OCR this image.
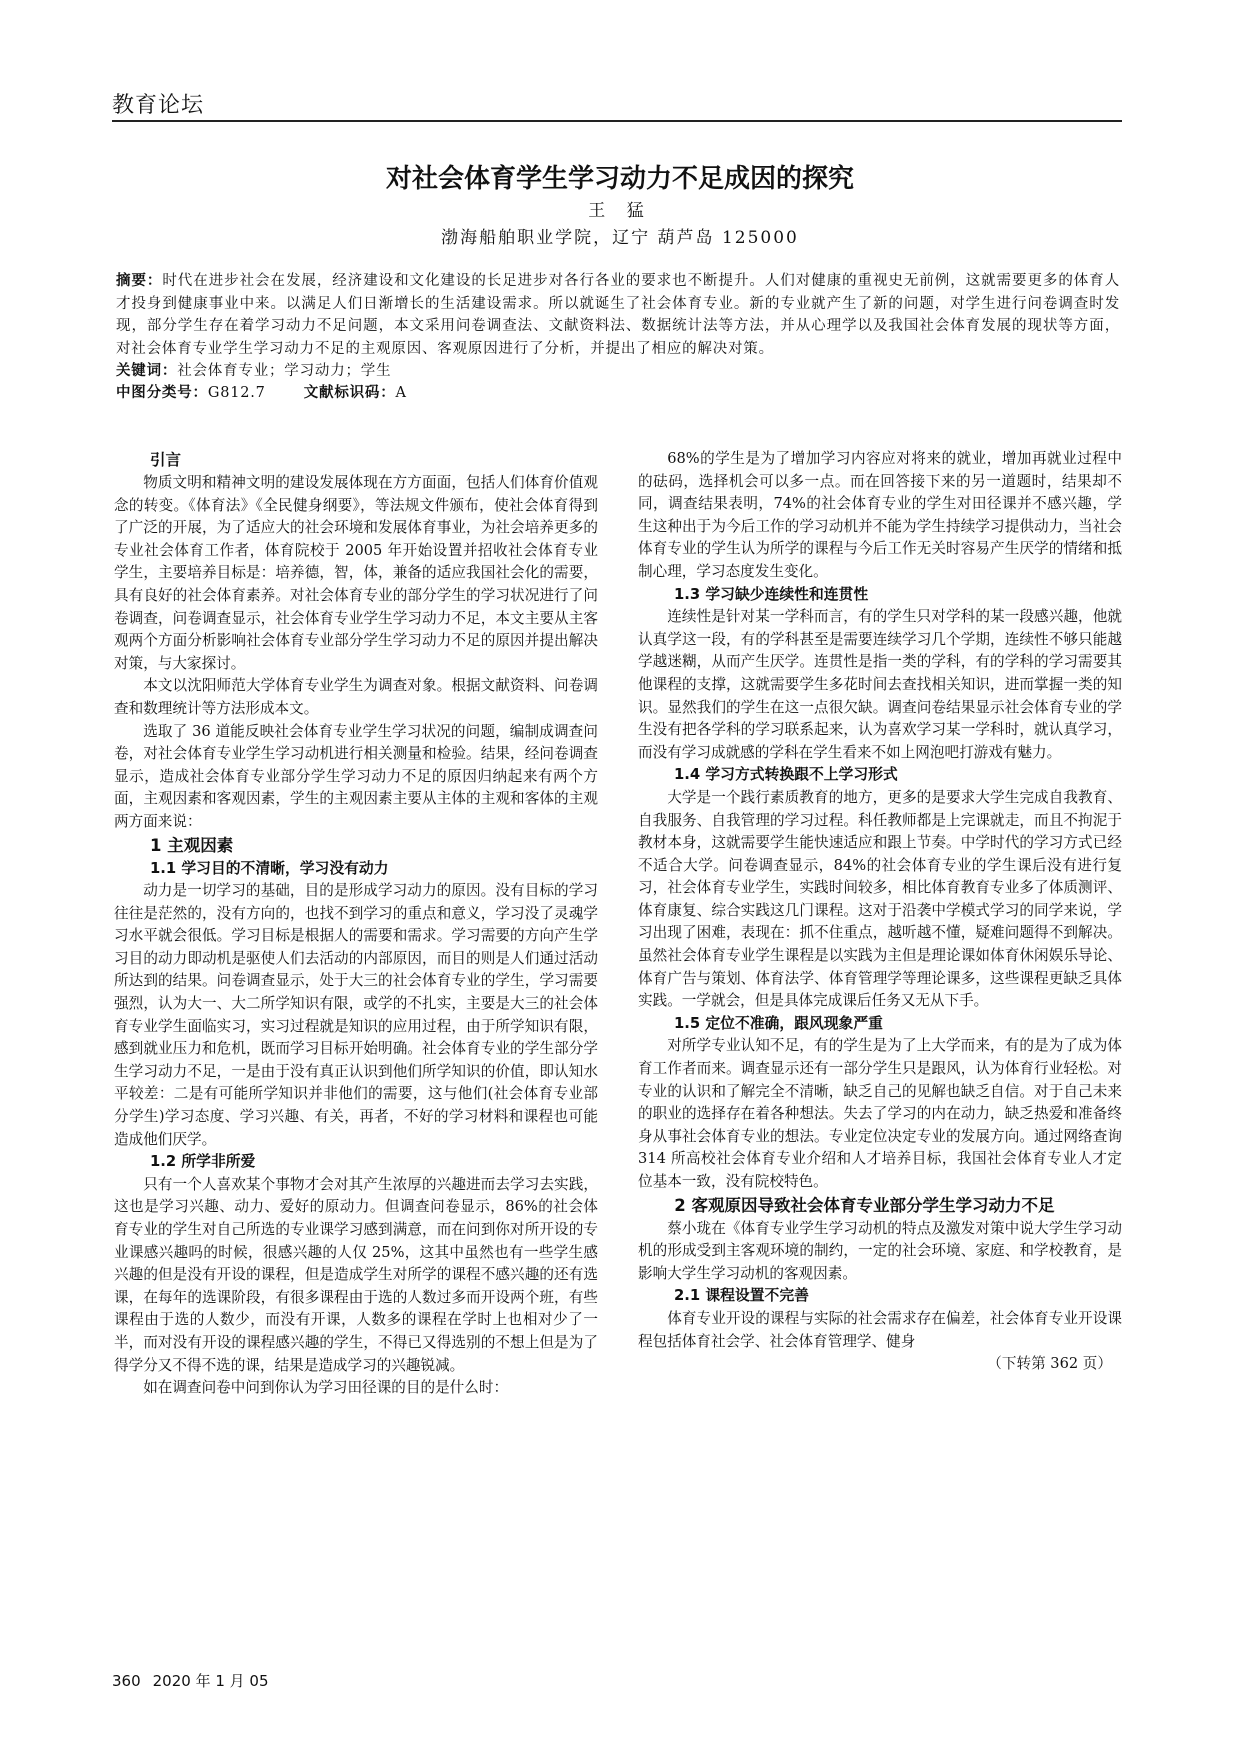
教育论坛
对社会体育学生学习动力不足成因的探究
王 猛
渤海船舶职业学院，辽宁 葫芦岛 125000
摘要：时代在进步社会在发展，经济建设和文化建设的长足进步对各行各业的要求也不断提升。人们对健康的重视史无前例，这就需要更多的体育人才投身到健康事业中来。以满足人们日渐增长的生活建设需求。所以就诞生了社会体育专业。新的专业就产生了新的问题，对学生进行问卷调查时发现，部分学生存在着学习动力不足问题，本文采用问卷调查法、文献资料法、数据统计法等方法，并从心理学以及我国社会体育发展的现状等方面，对社会体育专业学生学习动力不足的主观原因、客观原因进行了分析，并提出了相应的解决对策。
关键词：社会体育专业；学习动力；学生
中图分类号：G812.7	文献标识码：A
引言

物质文明和精神文明的建设发展体现在方方面面，包括人们体育价值观念的转变。《体育法》《全民健身纲要》，等法规文件颁布，使社会体育得到了广泛的开展，为了适应大的社会环境和发展体育事业，为社会培养更多的专业社会体育工作者，体育院校于 2005 年开始设置并招收社会体育专业学生，主要培养目标是：培养德，智，体，兼备的适应我国社会化的需要，具有良好的社会体育素养。对社会体育专业的部分学生的学习状况进行了问卷调查，问卷调查显示，社会体育专业学生学习动力不足，本文主要从主客观两个方面分析影响社会体育专业部分学生学习动力不足的原因并提出解决对策，与大家探讨。

本文以沈阳师范大学体育专业学生为调查对象。根据文献资料、问卷调查和数理统计等方法形成本文。

选取了 36 道能反映社会体育专业学生学习状况的问题，编制成调查问卷，对社会体育专业学生学习动机进行相关测量和检验。结果，经问卷调查显示，造成社会体育专业部分学生学习动力不足的原因归纳起来有两个方面，主观因素和客观因素，学生的主观因素主要从主体的主观和客体的主观两方面来说：

1 主观因素
1.1 学习目的不清晰，学习没有动力

动力是一切学习的基础，目的是形成学习动力的原因。没有目标的学习往往是茫然的，没有方向的，也找不到学习的重点和意义，学习没了灵魂学习水平就会很低。学习目标是根据人的需要和需求。学习需要的方向产生学习目的动力即动机是驱使人们去活动的内部原因，而目的则是人们通过活动所达到的结果。问卷调查显示，处于大三的社会体育专业的学生，学习需要强烈，认为大一、大二所学知识有限，或学的不扎实，主要是大三的社会体育专业学生面临实习，实习过程就是知识的应用过程，由于所学知识有限，感到就业压力和危机，既而学习目标开始明确。社会体育专业的学生部分学生学习动力不足，一是由于没有真正认识到他们所学知识的价值，即认知水平较差：二是有可能所学知识并非他们的需要，这与他们(社会体育专业部分学生)学习态度、学习兴趣、有关，再者，不好的学习材料和课程也可能造成他们厌学。

1.2 所学非所爱

只有一个人喜欢某个事物才会对其产生浓厚的兴趣进而去学习去实践，这也是学习兴趣、动力、爱好的原动力。但调查问卷显示，86%的社会体育专业的学生对自己所选的专业课学习感到满意，而在问到你对所开设的专业课感兴趣吗的时候，很感兴趣的人仅 25%，这其中虽然也有一些学生感兴趣的但是没有开设的课程，但是造成学生对所学的课程不感兴趣的还有选课，在每年的选课阶段，有很多课程由于选的人数过多而开设两个班，有些课程由于选的人数少，而没有开课，人数多的课程在学时上也相对少了一半，而对没有开设的课程感兴趣的学生，不得已又得选别的不想上但是为了得学分又不得不选的课，结果是造成学习的兴趣锐减。

如在调查问卷中问到你认为学习田径课的目的是什么时：

68%的学生是为了增加学习内容应对将来的就业，增加再就业过程中的砝码，选择机会可以多一点。而在回答接下来的另一道题时，结果却不同，调查结果表明，74%的社会体育专业的学生对田径课并不感兴趣，学生这种出于为今后工作的学习动机并不能为学生持续学习提供动力，当社会体育专业的学生认为所学的课程与今后工作无关时容易产生厌学的情绪和抵制心理，学习态度发生变化。

1.3 学习缺少连续性和连贯性

连续性是针对某一学科而言，有的学生只对学科的某一段感兴趣，他就认真学这一段，有的学科甚至是需要连续学习几个学期，连续性不够只能越学越迷糊，从而产生厌学。连贯性是指一类的学科，有的学科的学习需要其他课程的支撑，这就需要学生多花时间去查找相关知识，进而掌握一类的知识。显然我们的学生在这一点很欠缺。调查问卷结果显示社会体育专业的学生没有把各学科的学习联系起来，认为喜欢学习某一学科时，就认真学习，而没有学习成就感的学科在学生看来不如上网泡吧打游戏有魅力。

1.4 学习方式转换跟不上学习形式

大学是一个践行素质教育的地方，更多的是要求大学生完成自我教育、自我服务、自我管理的学习过程。科任教师都是上完课就走，而且不拘泥于教材本身，这就需要学生能快速适应和跟上节奏。中学时代的学习方式已经不适合大学。问卷调查显示，84%的社会体育专业的学生课后没有进行复习，社会体育专业学生，实践时间较多，相比体育教育专业多了体质测评、体育康复、综合实践这几门课程。这对于沿袭中学模式学习的同学来说，学习出现了困难，表现在：抓不住重点，越听越不懂，疑难问题得不到解决。虽然社会体育专业学生课程是以实践为主但是理论课如体育休闲娱乐导论、体育广告与策划、体育法学、体育管理学等理论课多，这些课程更缺乏具体实践。一学就会，但是具体完成课后任务又无从下手。

1.5 定位不准确，跟风现象严重

对所学专业认知不足，有的学生是为了上大学而来，有的是为了成为体育工作者而来。调查显示还有一部分学生只是跟风，认为体育行业轻松。对专业的认识和了解完全不清晰，缺乏自己的见解也缺乏自信。对于自己未来的职业的选择存在着各种想法。失去了学习的内在动力，缺乏热爱和准备终身从事社会体育专业的想法。专业定位决定专业的发展方向。通过网络查询 314 所高校社会体育专业介绍和人才培养目标，我国社会体育专业人才定位基本一致，没有院校特色。

2 客观原因导致社会体育专业部分学生学习动力不足

蔡小珑在《体育专业学生学习动机的特点及激发对策中说大学生学习动机的形成受到主客观环境的制约，一定的社会环境、家庭、和学校教育，是影响大学生学习动机的客观因素。

2.1 课程设置不完善

体育专业开设的课程与实际的社会需求存在偏差，社会体育专业开设课程包括体育社会学、社会体育管理学、健身

（下转第 362 页）
360 2020 年 1 月 05
